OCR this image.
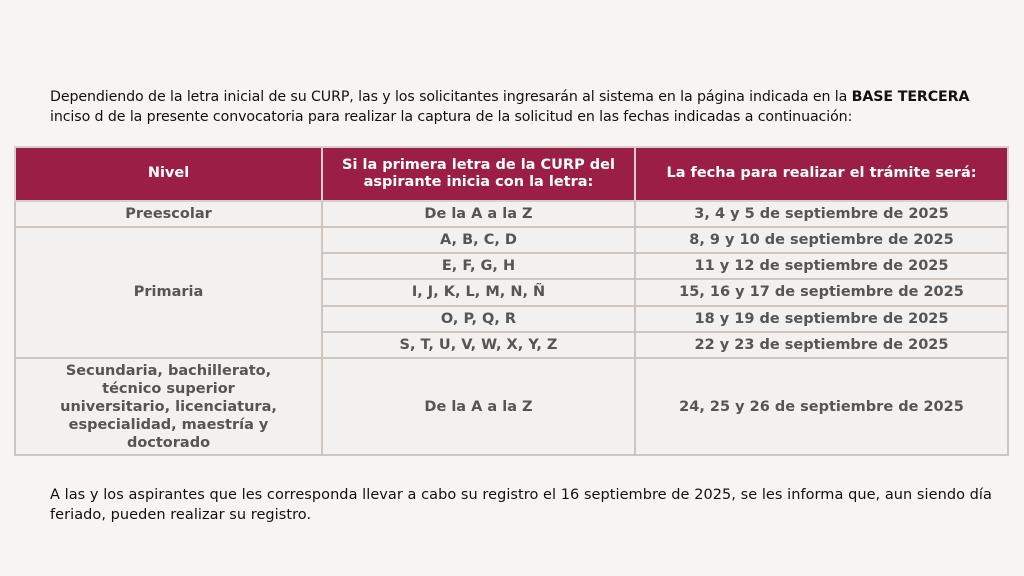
Dependiendo de la letra inicial de su CURP, las y los solicitantes ingresarán al sistema en la página indicada en la BASE TERCERA inciso d de la presente convocatoria para realizar la captura de la solicitud en las fechas indicadas a continuación:

Nivel	Si la primera letra de la CURP del aspirante inicia con la letra:	La fecha para realizar el trámite será:
Preescolar	De la A a la Z	3, 4 y 5 de septiembre de 2025
Primaria	A, B, C, D	8, 9 y 10 de septiembre de 2025
	E, F, G, H	11 y 12 de septiembre de 2025
	I, J, K, L, M, N, Ñ	15, 16 y 17 de septiembre de 2025
	O, P, Q, R	18 y 19 de septiembre de 2025
	S, T, U, V, W, X, Y, Z	22 y 23 de septiembre de 2025
Secundaria, bachillerato, técnico superior universitario, licenciatura, especialidad, maestría y doctorado	De la A a la Z	24, 25 y 26 de septiembre de 2025

A las y los aspirantes que les corresponda llevar a cabo su registro el 16 septiembre de 2025, se les informa que, aun siendo día feriado, pueden realizar su registro.
